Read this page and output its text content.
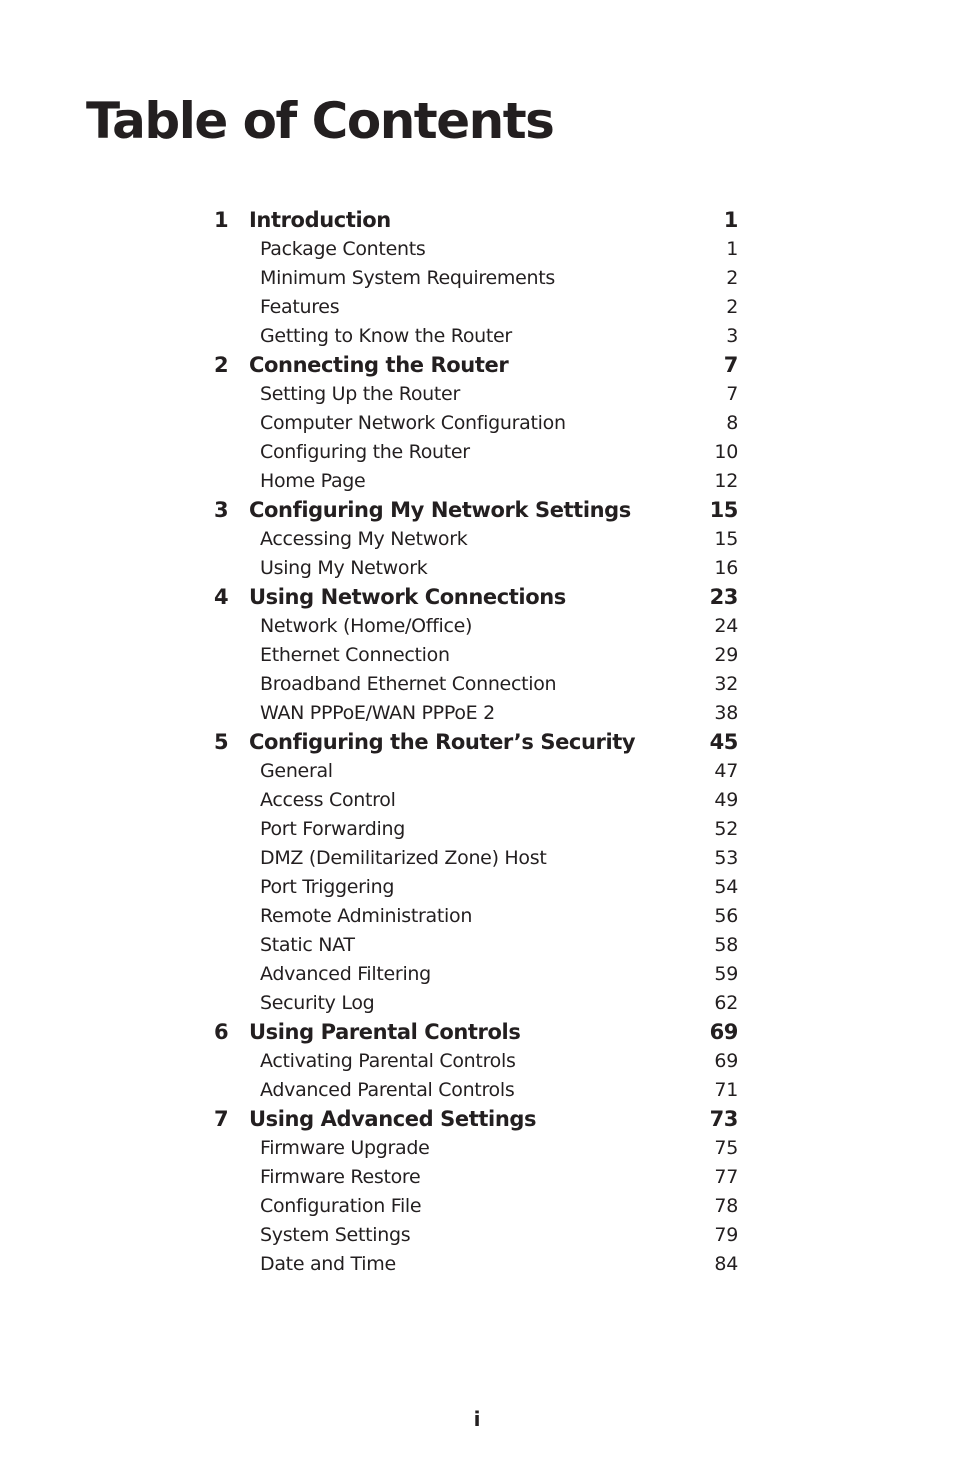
Table of Contents
1 Introduction	1
Package Contents	1
Minimum System Requirements	2
Features	2
Getting to Know the Router	3
2 Connecting the Router	7
Setting Up the Router	7
Computer Network Configuration	8
Configuring the Router	10
Home Page	12
3 Configuring My Network Settings	15
Accessing My Network	15
Using My Network	16
4 Using Network Connections	23
Network (Home/Office)	24
Ethernet Connection	29
Broadband Ethernet Connection	32
WAN PPPoE/WAN PPPoE 2	38
5 Configuring the Router’s Security	45
General	47
Access Control	49
Port Forwarding	52
DMZ (Demilitarized Zone) Host	53
Port Triggering	54
Remote Administration	56
Static NAT	58
Advanced Filtering	59
Security Log	62
6 Using Parental Controls	69
Activating Parental Controls	69
Advanced Parental Controls	71
7 Using Advanced Settings	73
Firmware Upgrade	75
Firmware Restore	77
Configuration File	78
System Settings	79
Date and Time	84
i
